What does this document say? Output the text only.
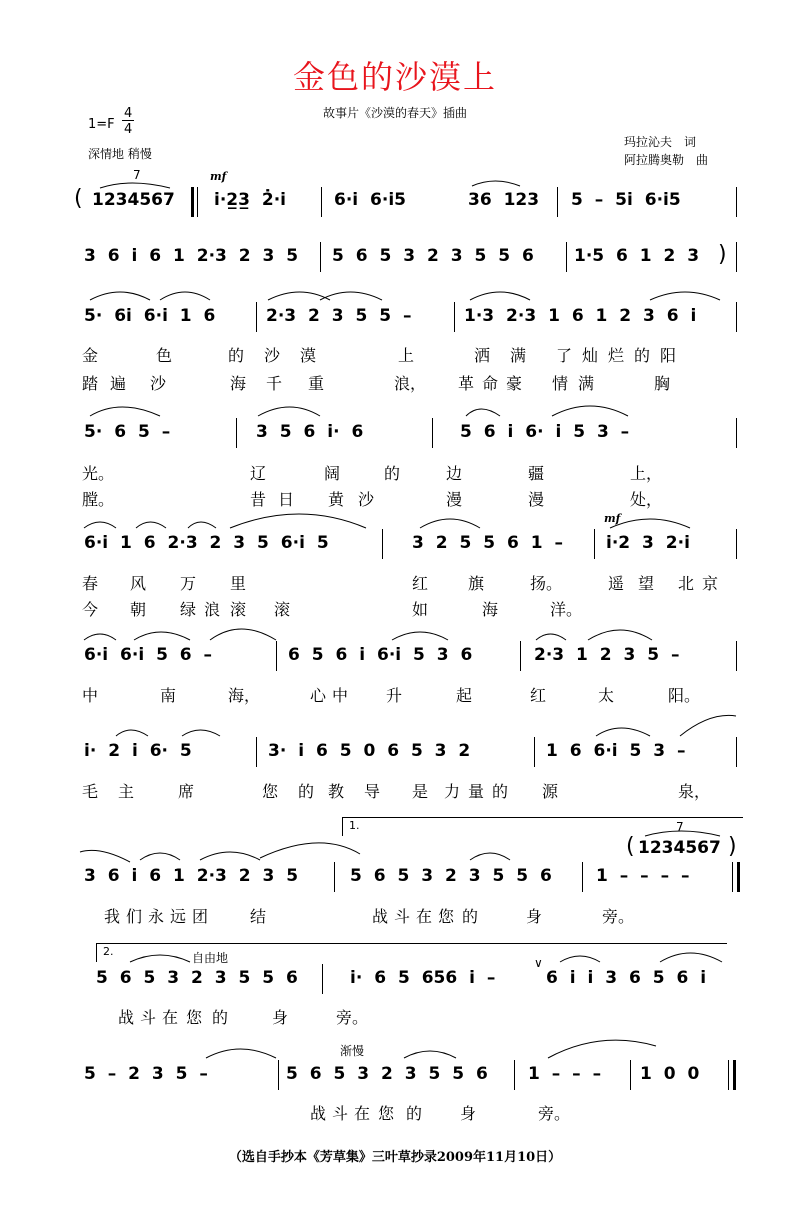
金色的沙漠上
故事片《沙漠的春天》插曲
1=F
4
4
深情地 稍慢
玛拉沁夫　词
阿拉腾奥勒　曲
(
7
1234567
mf
i·2̲3̲ 2̇·i	6·i 6·i5	36 123 5 – 5i 6·i5
3 6 i 6 1 2·3 2 3 5 5 6 5 3 2 3 5 5 6 1·5 6 1 2 3 )
5· 6i 6·i 1 6	2·3 2 3 5 5 –	1·3 2·3 1 6 1 2 3 6 i
金	色	的 沙 漠	上	洒 满 了 灿 烂 的 阳
踏 遍 沙	海 千 重	浪， 革 命 豪 情 满	胸
5· 6 5 –	3 5 6 i· 6	5 6 i 6· i 5 3 –
光。	辽	阔	的	边	疆	上，
膛。	昔 日 黄 沙	漫	漫	处，
6·i 1 6 2·3 2 3 5 6·i 5	3 2 5 5 6 1 –
mf
i·2 3 2·i
春 风 万 里	红 旗	扬。	遥 望 北 京
今 朝 绿 浪 滚 滚	如	海	洋。
6·i 6·i 5 6 –	6 5 6 i 6·i 5 3 6	2·3 1 2 3 5 –
中	南	海，	心 中 升	起	红	太	阳。
i· 2 i 6· 5	3· i 6 5 0 6 5 3 2	1 6 6·i 5 3 –
毛 主	席	您 的 教 导 是 力 量 的 源	泉，
1.
3 6 i 6 1 2·3 2 3 5	5 6 5 3 2 3 5 5 6	1 – – – –
(
7
1234567 )
我 们 永 远 团	结	战 斗 在 您 的	身	旁。
2.	自由地
5 6 5 3 2 3 5 5 6	i· 6 5 656 i –
∨
6 i i 3 6 5 6 i
战 斗 在 您 的	身	旁。
渐慢
5 – 2 3 5 –	5 6 5 3 2 3 5 5 6 1 – – – 1 0 0
战 斗 在 您 的 身	旁。
（选自手抄本《芳草集》三叶草抄录2009年11月10日）
